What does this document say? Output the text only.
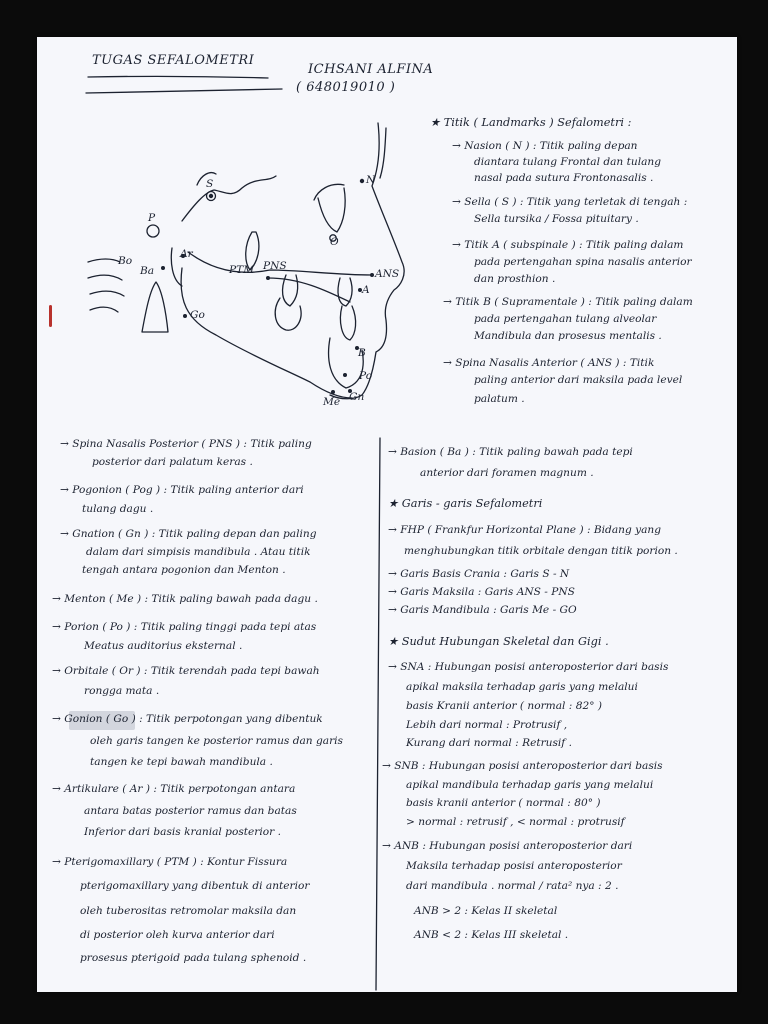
TUGAS SEFALOMETRI
ICHSANI ALFINA
( 648019010 )
S	N
P
O
Bo
Ba
Ar
PTM PNS
ANS
A
Go
B
Po
Me Gn
★ Titik ( Landmarks ) Sefalometri :
→ Nasion ( N ) : Titik paling depan
diantara tulang Frontal dan tulang
nasal pada sutura Frontonasalis .
→ Sella ( S ) : Titik yang terletak di tengah :
Sella tursika / Fossa pituitary .
→ Titik A ( subspinale ) : Titik paling dalam
pada pertengahan spina nasalis anterior
dan prosthion .
→ Titik B ( Supramentale ) : Titik paling dalam
pada pertengahan tulang alveolar
Mandibula dan prosesus mentalis .
→ Spina Nasalis Anterior ( ANS ) : Titik
paling anterior dari maksila pada level
palatum .
→ Spina Nasalis Posterior ( PNS ) : Titik paling
posterior dari palatum keras .
→ Pogonion ( Pog ) : Titik paling anterior dari
tulang dagu .
→ Gnation ( Gn ) : Titik paling depan dan paling
dalam dari simpisis mandibula . Atau titik
tengah antara pogonion dan Menton .
→ Menton ( Me ) : Titik paling bawah pada dagu .
→ Porion ( Po ) : Titik paling tinggi pada tepi atas
Meatus auditorius eksternal .
→ Orbitale ( Or ) : Titik terendah pada tepi bawah
rongga mata .
→ Gonion ( Go ) : Titik perpotongan yang dibentuk
oleh garis tangen ke posterior ramus dan garis
tangen ke tepi bawah mandibula .
→ Artikulare ( Ar ) : Titik perpotongan antara
antara batas posterior ramus dan batas
Inferior dari basis kranial posterior .
→ Pterigomaxillary ( PTM ) : Kontur Fissura
pterigomaxillary yang dibentuk di anterior
oleh tuberositas retromolar maksila dan
di posterior oleh kurva anterior dari
prosesus pterigoid pada tulang sphenoid .
→ Basion ( Ba ) : Titik paling bawah pada tepi
anterior dari foramen magnum .
★ Garis - garis Sefalometri
→ FHP ( Frankfur Horizontal Plane ) : Bidang yang
menghubungkan titik orbitale dengan titik porion .
→ Garis Basis Crania : Garis S - N
→ Garis Maksila : Garis ANS - PNS
→ Garis Mandibula : Garis Me - GO
★ Sudut Hubungan Skeletal dan Gigi .
→ SNA : Hubungan posisi anteroposterior dari basis
apikal maksila terhadap garis yang melalui
basis Kranii anterior ( normal : 82° )
Lebih dari normal : Protrusif ,
Kurang dari normal : Retrusif .
→ SNB : Hubungan posisi anteroposterior dari basis
apikal mandibula terhadap garis yang melalui
basis kranii anterior ( normal : 80° )
> normal : retrusif , < normal : protrusif
→ ANB : Hubungan posisi anteroposterior dari
Maksila terhadap posisi anteroposterior
dari mandibula . normal / rata² nya : 2 .
ANB > 2 : Kelas II skeletal
ANB < 2 : Kelas III skeletal .
